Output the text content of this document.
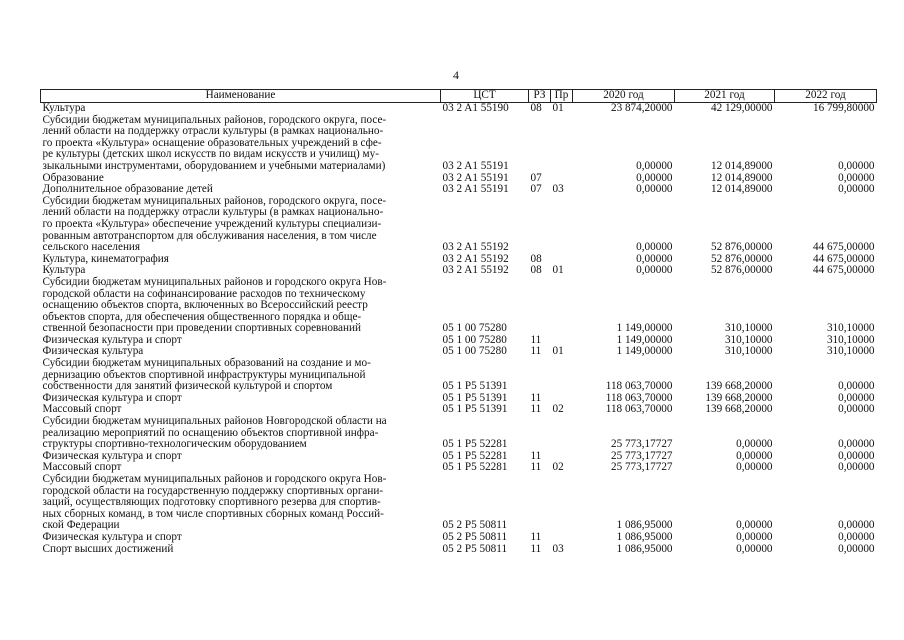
4
Наименование	ЦСТ	РЗ	Пр	2020 год	2021 год	2022 год

Культура	03 2 A1 55190	08	01	23 874,20000	42 129,00000	16 799,80000

Субсидии бюджетам муниципальных районов, городского округа, посе-
лений области на поддержку отрасли культуры (в рамках национально-
го проекта «Культура» оснащение образовательных учреждений в сфе-
ре культуры (детских школ искусств по видам искусств и училищ) му-
зыкальными инструментами, оборудованием и учебными материалами)	03 2 A1 55191			0,00000	12 014,89000	0,00000

Образование	03 2 A1 55191	07		0,00000	12 014,89000	0,00000

Дополнительное образование детей	03 2 A1 55191	07	03	0,00000	12 014,89000	0,00000

Субсидии бюджетам муниципальных районов, городского округа, посе-
лений области на поддержку отрасли культуры (в рамках национально-
го проекта «Культура» обеспечение учреждений культуры специализи-
рованным автотранспортом для обслуживания населения, в том числе
сельского населения	03 2 A1 55192			0,00000	52 876,00000	44 675,00000

Культура, кинематография	03 2 A1 55192	08		0,00000	52 876,00000	44 675,00000

Культура	03 2 A1 55192	08	01	0,00000	52 876,00000	44 675,00000

Субсидии бюджетам муниципальных районов и городского округа Нов-
городской области на софинансирование расходов по техническому
оснащению объектов спорта, включенных во Всероссийский реестр
объектов спорта, для обеспечения общественного порядка и обще-
ственной безопасности при проведении спортивных соревнований	05 1 00 75280			1 149,00000	310,10000	310,10000

Физическая культура и спорт	05 1 00 75280	11		1 149,00000	310,10000	310,10000

Физическая культура	05 1 00 75280	11	01	1 149,00000	310,10000	310,10000

Субсидии бюджетам муниципальных образований на создание и мо-
дернизацию объектов спортивной инфраструктуры муниципальной
собственности для занятий физической культурой и спортом	05 1 P5 51391			118 063,70000	139 668,20000	0,00000

Физическая культура и спорт	05 1 P5 51391	11		118 063,70000	139 668,20000	0,00000

Массовый спорт	05 1 P5 51391	11	02	118 063,70000	139 668,20000	0,00000

Субсидии бюджетам муниципальных районов Новгородской области на
реализацию мероприятий по оснащению объектов спортивной инфра-
структуры спортивно-технологическим оборудованием	05 1 P5 52281			25 773,17727	0,00000	0,00000

Физическая культура и спорт	05 1 P5 52281	11		25 773,17727	0,00000	0,00000

Массовый спорт	05 1 P5 52281	11	02	25 773,17727	0,00000	0,00000

Субсидии бюджетам муниципальных районов и городского округа Нов-
городской области на государственную поддержку спортивных органи-
заций, осуществляющих подготовку спортивного резерва для спортив-
ных сборных команд, в том числе спортивных сборных команд Россий-
ской Федерации	05 2 P5 50811			1 086,95000	0,00000	0,00000

Физическая культура и спорт	05 2 P5 50811	11		1 086,95000	0,00000	0,00000

Спорт высших достижений	05 2 P5 50811	11	03	1 086,95000	0,00000	0,00000
